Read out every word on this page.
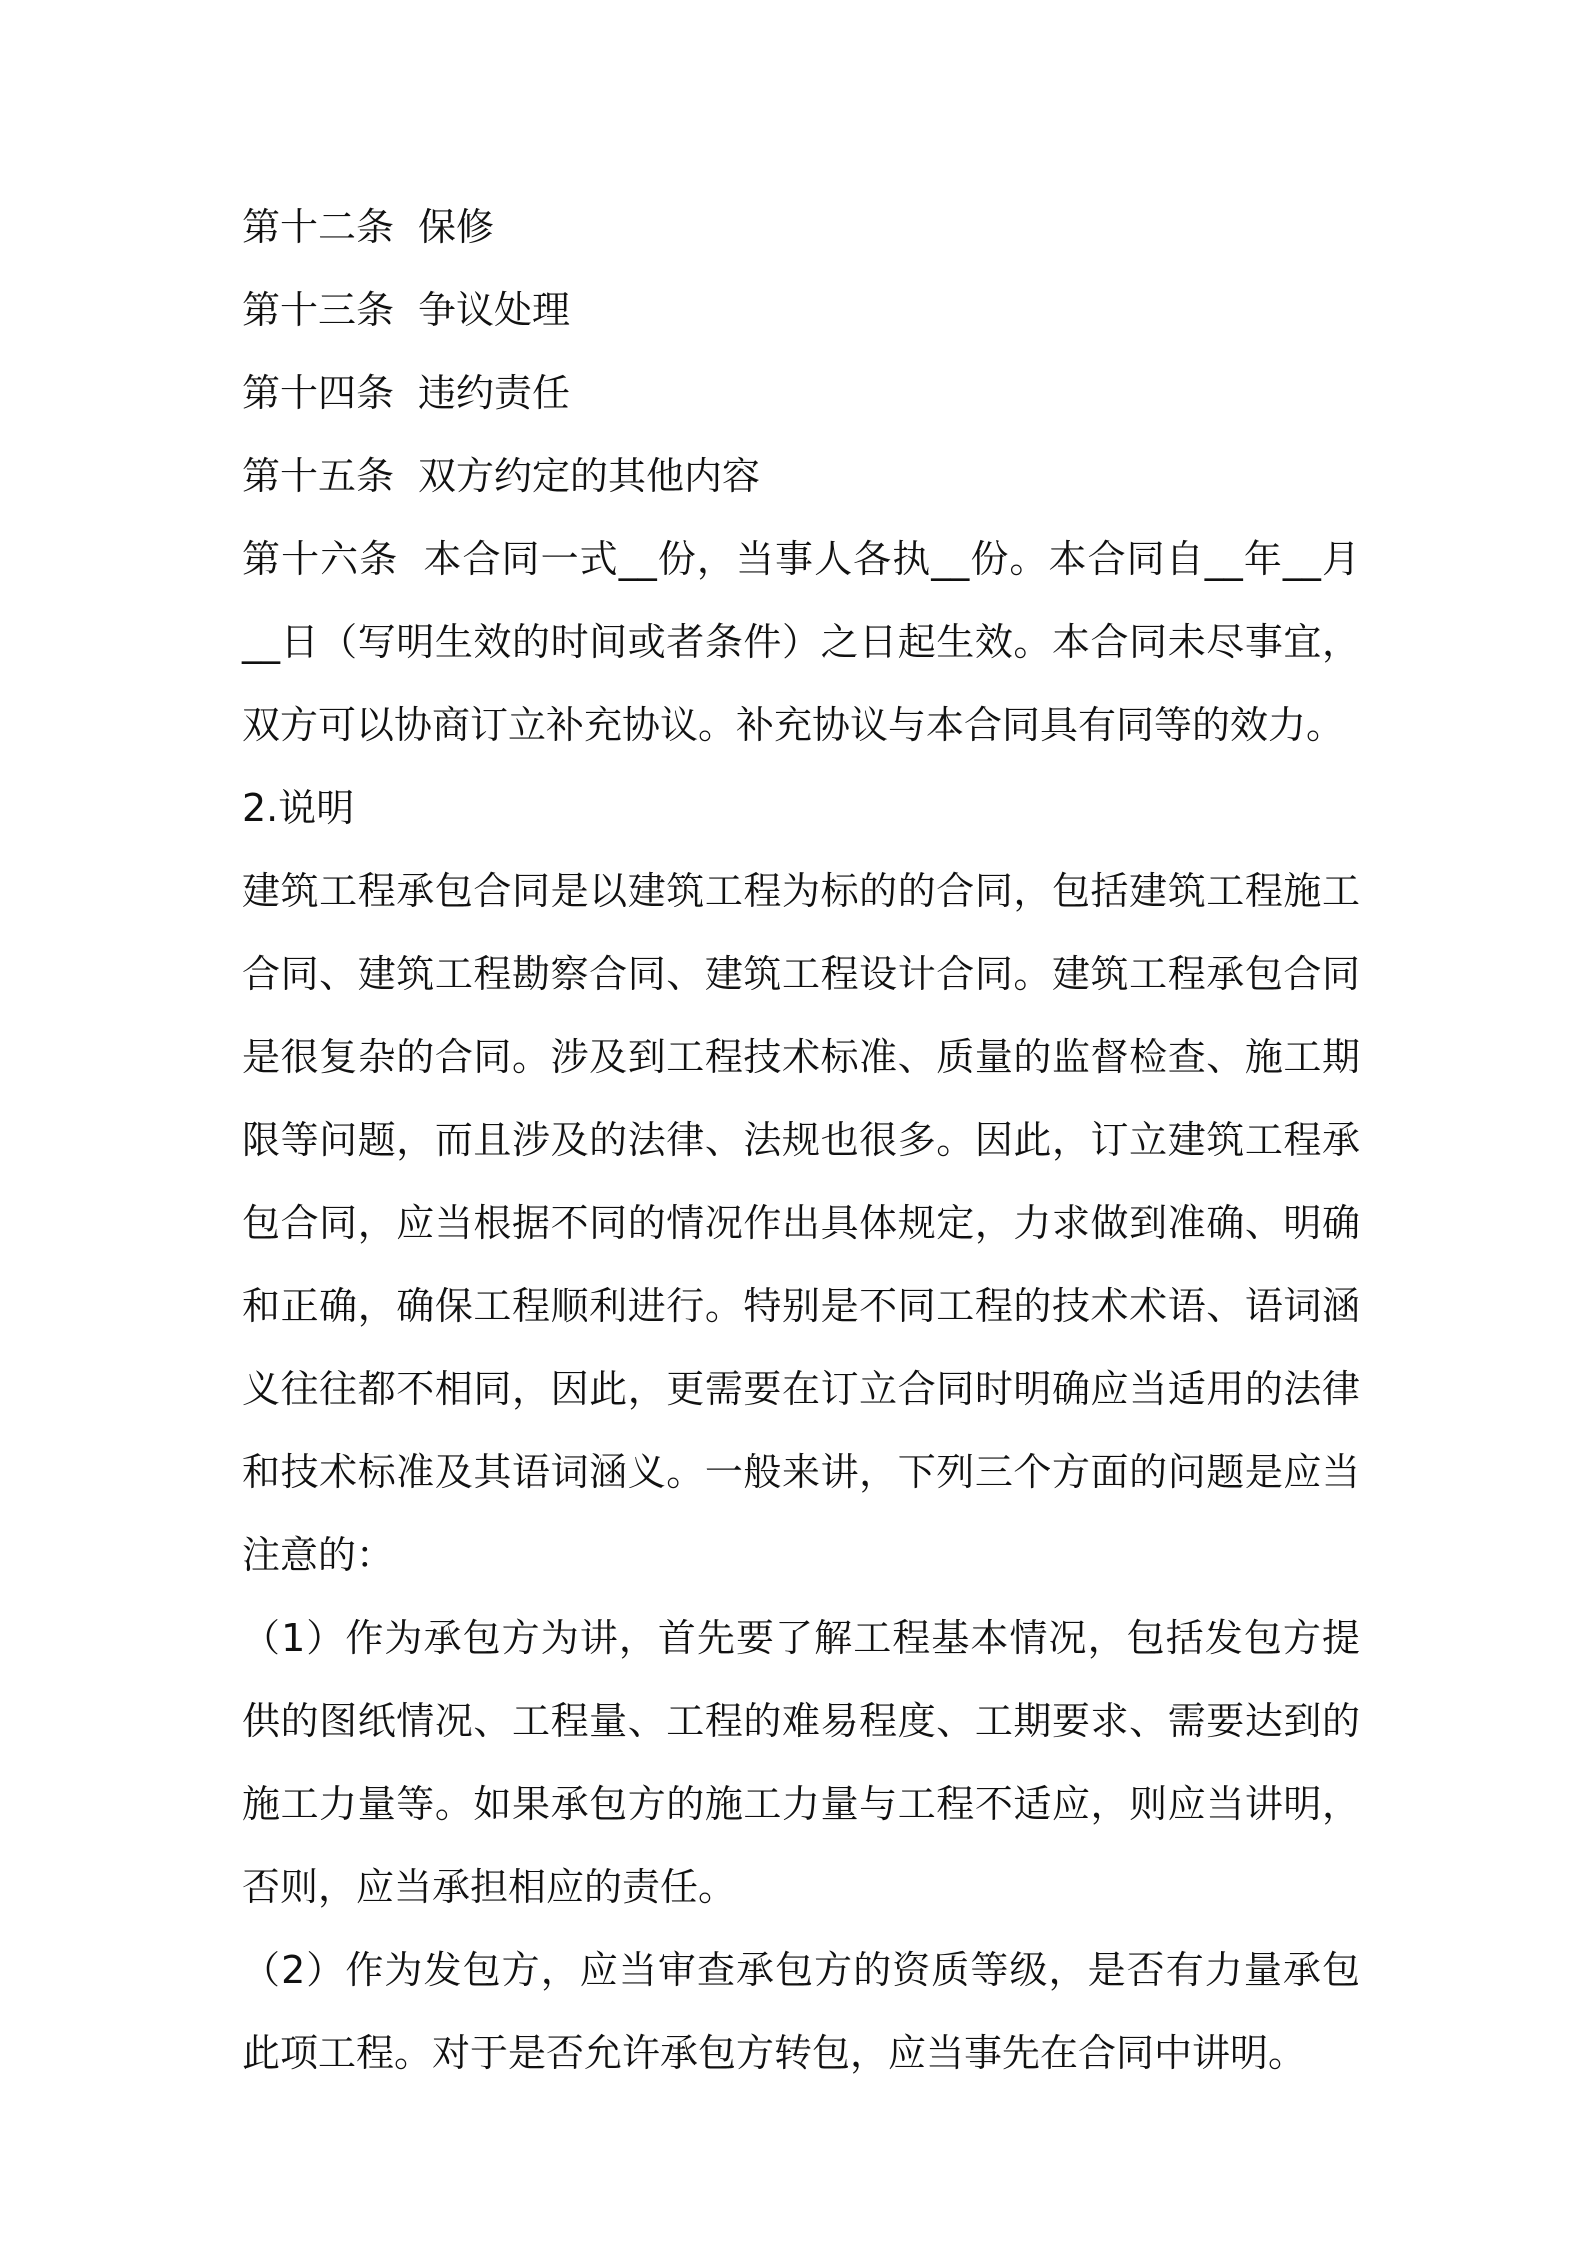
第十二条 保修
第十三条 争议处理
第十四条 违约责任
第十五条 双方约定的其他内容

第十六条 本合同一式__份，当事人各执__份。本合同自__年__月__日（写明生效的时间或者条件）之日起生效。本合同未尽事宜，双方可以协商订立补充协议。补充协议与本合同具有同等的效力。

2.说明

建筑工程承包合同是以建筑工程为标的的合同，包括建筑工程施工合同、建筑工程勘察合同、建筑工程设计合同。建筑工程承包合同是很复杂的合同。涉及到工程技术标准、质量的监督检查、施工期限等问题，而且涉及的法律、法规也很多。因此，订立建筑工程承包合同，应当根据不同的情况作出具体规定，力求做到准确、明确和正确，确保工程顺利进行。特别是不同工程的技术术语、语词涵义往往都不相同，因此，更需要在订立合同时明确应当适用的法律和技术标准及其语词涵义。一般来讲，下列三个方面的问题是应当注意的：

（1）作为承包方为讲，首先要了解工程基本情况，包括发包方提供的图纸情况、工程量、工程的难易程度、工期要求、需要达到的施工力量等。如果承包方的施工力量与工程不适应，则应当讲明，否则，应当承担相应的责任。

（2）作为发包方，应当审查承包方的资质等级，是否有力量承包此项工程。对于是否允许承包方转包，应当事先在合同中讲明。
